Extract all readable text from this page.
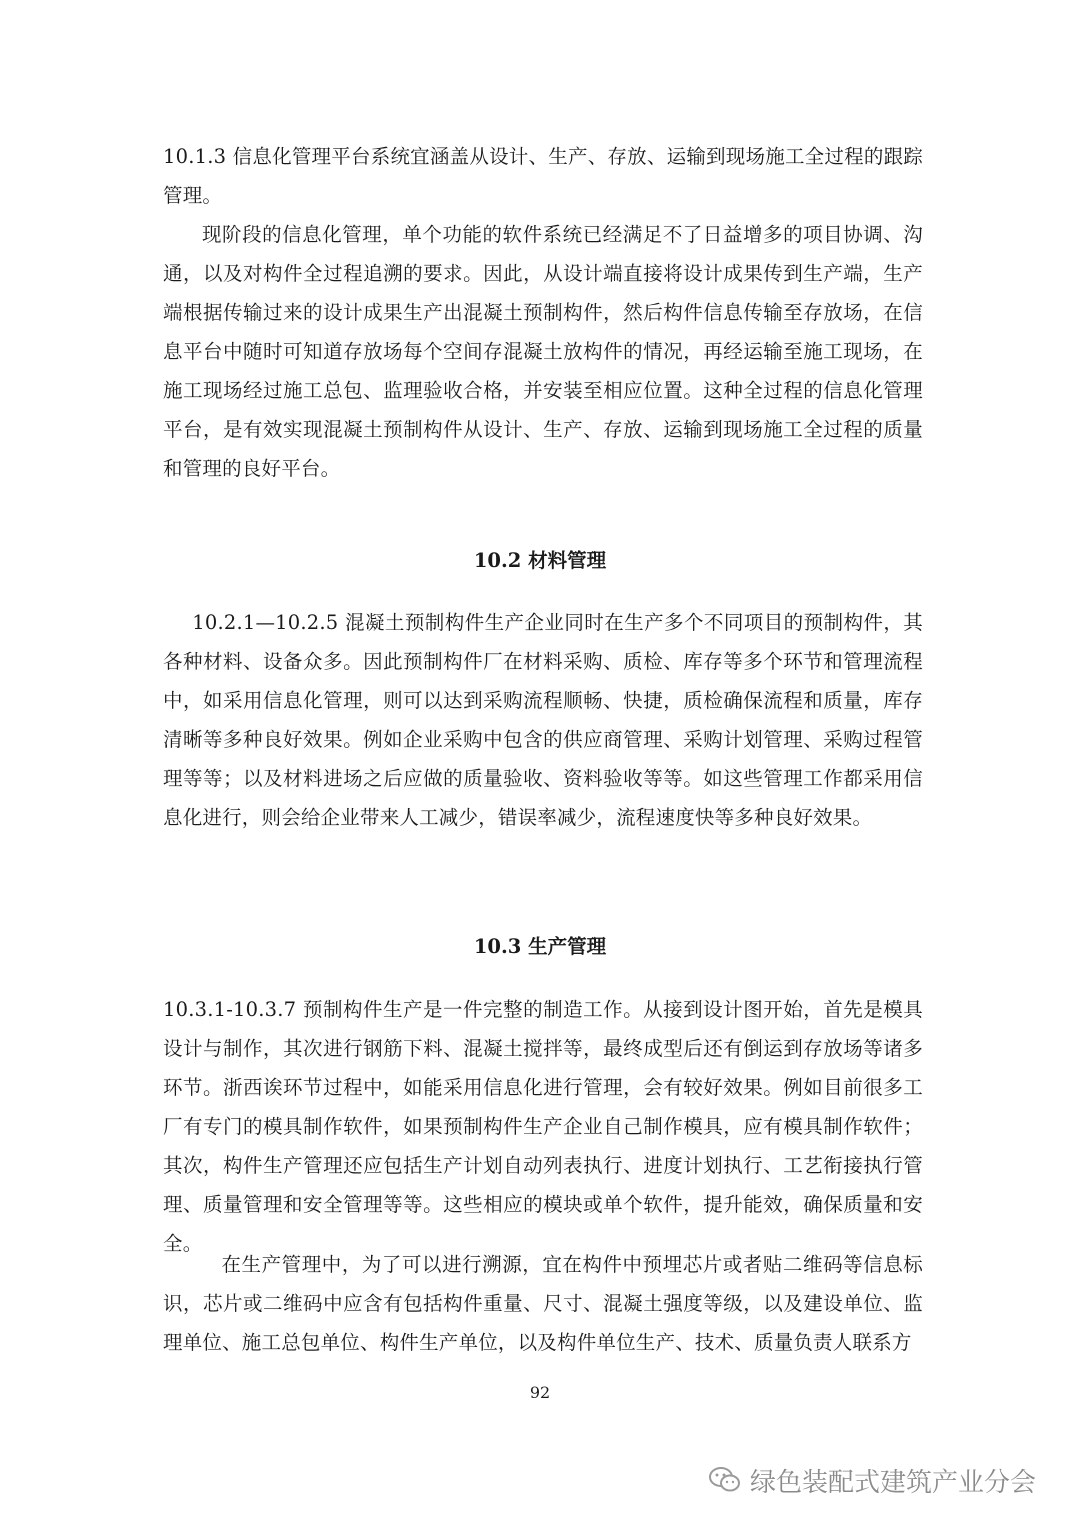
10.1.3 信息化管理平台系统宜涵盖从设计、生产、存放、运输到现场施工全过程的跟踪管理。

现阶段的信息化管理，单个功能的软件系统已经满足不了日益增多的项目协调、沟通，以及对构件全过程追溯的要求。因此，从设计端直接将设计成果传到生产端，生产端根据传输过来的设计成果生产出混凝土预制构件，然后构件信息传输至存放场，在信息平台中随时可知道存放场每个空间存混凝土放构件的情况，再经运输至施工现场，在施工现场经过施工总包、监理验收合格，并安装至相应位置。这种全过程的信息化管理平台，是有效实现混凝土预制构件从设计、生产、存放、运输到现场施工全过程的质量和管理的良好平台。

10.2 材料管理

10.2.1—10.2.5 混凝土预制构件生产企业同时在生产多个不同项目的预制构件，其各种材料、设备众多。因此预制构件厂在材料采购、质检、库存等多个环节和管理流程中，如采用信息化管理，则可以达到采购流程顺畅、快捷，质检确保流程和质量，库存清晰等多种良好效果。例如企业采购中包含的供应商管理、采购计划管理、采购过程管理等等；以及材料进场之后应做的质量验收、资料验收等等。如这些管理工作都采用信息化进行，则会给企业带来人工减少，错误率减少，流程速度快等多种良好效果。

10.3 生产管理

10.3.1-10.3.7 预制构件生产是一件完整的制造工作。从接到设计图开始，首先是模具设计与制作，其次进行钢筋下料、混凝土搅拌等，最终成型后还有倒运到存放场等诸多环节。浙西诶环节过程中，如能采用信息化进行管理，会有较好效果。例如目前很多工厂有专门的模具制作软件，如果预制构件生产企业自己制作模具，应有模具制作软件；其次，构件生产管理还应包括生产计划自动列表执行、进度计划执行、工艺衔接执行管理、质量管理和安全管理等等。这些相应的模块或单个软件，提升能效，确保质量和安全。

在生产管理中，为了可以进行溯源，宜在构件中预埋芯片或者贴二维码等信息标识，芯片或二维码中应含有包括构件重量、尺寸、混凝土强度等级，以及建设单位、监理单位、施工总包单位、构件生产单位，以及构件单位生产、技术、质量负责人联系方

92
绿色装配式建筑产业分会
